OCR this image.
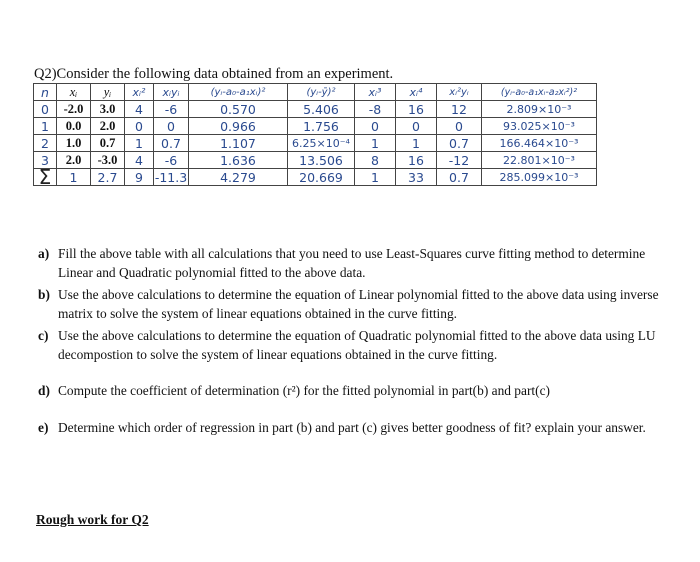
Q2)Consider the following data obtained from an experiment.
n	xᵢ	yᵢ	xᵢ²	xᵢyᵢ	(yᵢ-a₀-a₁xᵢ)²	(yᵢ-ȳ)²	xᵢ³	xᵢ⁴	xᵢ²yᵢ	(yᵢ-a₀-a₁xᵢ-a₂xᵢ²)²
0	-2.0	3.0	4	-6	0.570	5.406	-8	16	12	2.809×10⁻³
1	0.0	2.0	0	0	0.966	1.756	0	0	0	93.025×10⁻³
2	1.0	0.7	1	0.7	1.107	6.25×10⁻⁴	1	1	0.7	166.464×10⁻³
3	2.0	-3.0	4	-6	1.636	13.506	8	16	-12	22.801×10⁻³
Σ	1	2.7	9	-11.3	4.279	20.669	1	33	0.7	285.099×10⁻³
a) Fill the above table with all calculations that you need to use Least-Squares curve fitting method to determine Linear and Quadratic polynomial fitted to the above data.
b) Use the above calculations to determine the equation of Linear polynomial fitted to the above data using inverse matrix to solve the system of linear equations obtained in the curve fitting.
c) Use the above calculations to determine the equation of Quadratic polynomial fitted to the above data using LU decompostion to solve the system of linear equations obtained in the curve fitting.
d) Compute the coefficient of determination (r²) for the fitted polynomial in part(b) and part(c)
e) Determine which order of regression in part (b) and part (c) gives better goodness of fit? explain your answer.
Rough work for Q2
